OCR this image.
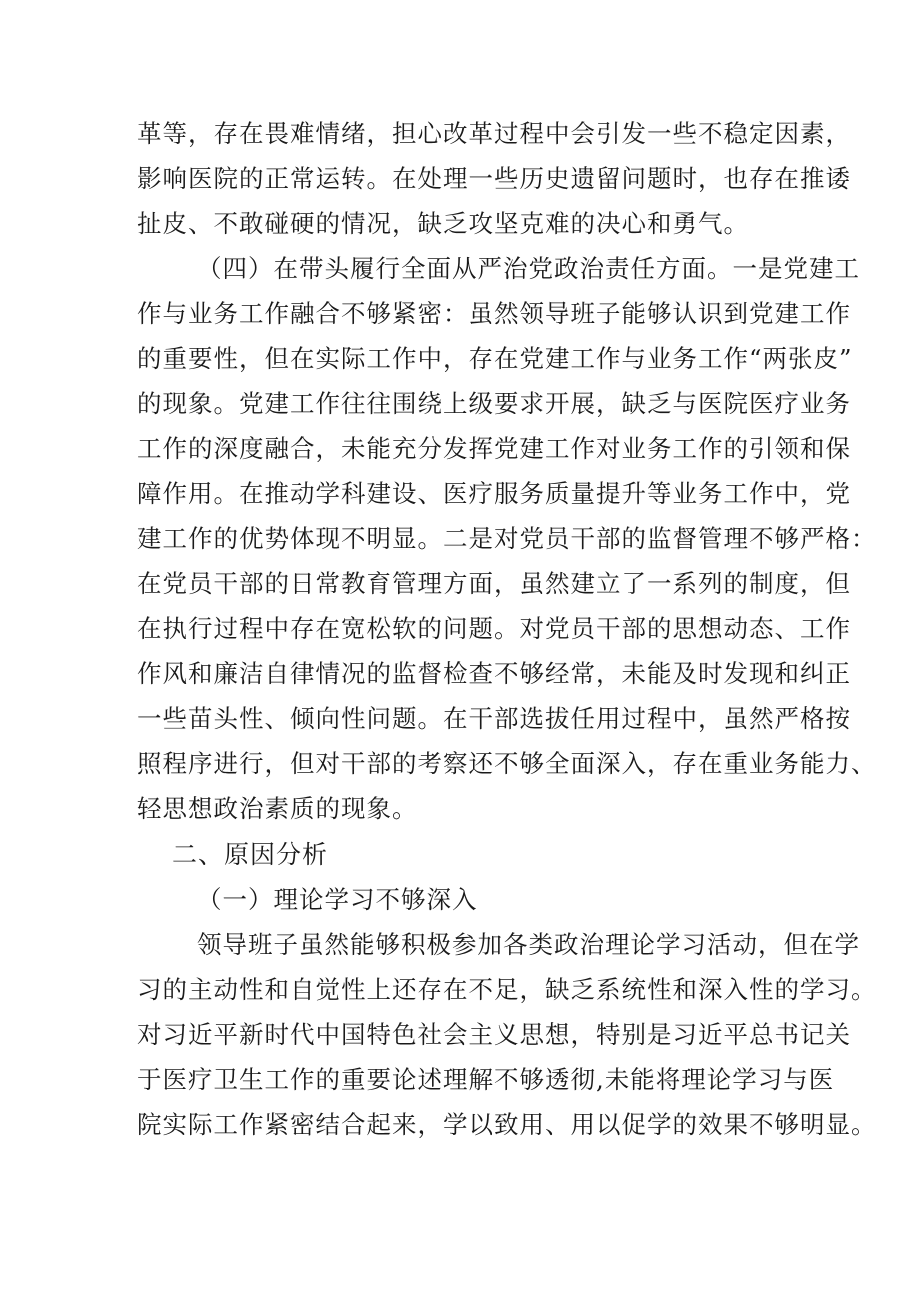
革等，存在畏难情绪，担心改革过程中会引发一些不稳定因素，
影响医院的正常运转。在处理一些历史遗留问题时，也存在推诿
扯皮、不敢碰硬的情况，缺乏攻坚克难的决心和勇气。
（四）在带头履行全面从严治党政治责任方面。一是党建工
作与业务工作融合不够紧密：虽然领导班子能够认识到党建工作
的重要性，但在实际工作中，存在党建工作与业务工作“两张皮”
的现象。党建工作往往围绕上级要求开展，缺乏与医院医疗业务
工作的深度融合，未能充分发挥党建工作对业务工作的引领和保
障作用。在推动学科建设、医疗服务质量提升等业务工作中，党
建工作的优势体现不明显。二是对党员干部的监督管理不够严格：
在党员干部的日常教育管理方面，虽然建立了一系列的制度，但
在执行过程中存在宽松软的问题。对党员干部的思想动态、工作
作风和廉洁自律情况的监督检查不够经常，未能及时发现和纠正
一些苗头性、倾向性问题。在干部选拔任用过程中，虽然严格按
照程序进行，但对干部的考察还不够全面深入，存在重业务能力、
轻思想政治素质的现象。
二、原因分析
（一）理论学习不够深入
领导班子虽然能够积极参加各类政治理论学习活动，但在学
习的主动性和自觉性上还存在不足，缺乏系统性和深入性的学习。
对习近平新时代中国特色社会主义思想，特别是习近平总书记关
于医疗卫生工作的重要论述理解不够透彻,未能将理论学习与医
院实际工作紧密结合起来，学以致用、用以促学的效果不够明显。
